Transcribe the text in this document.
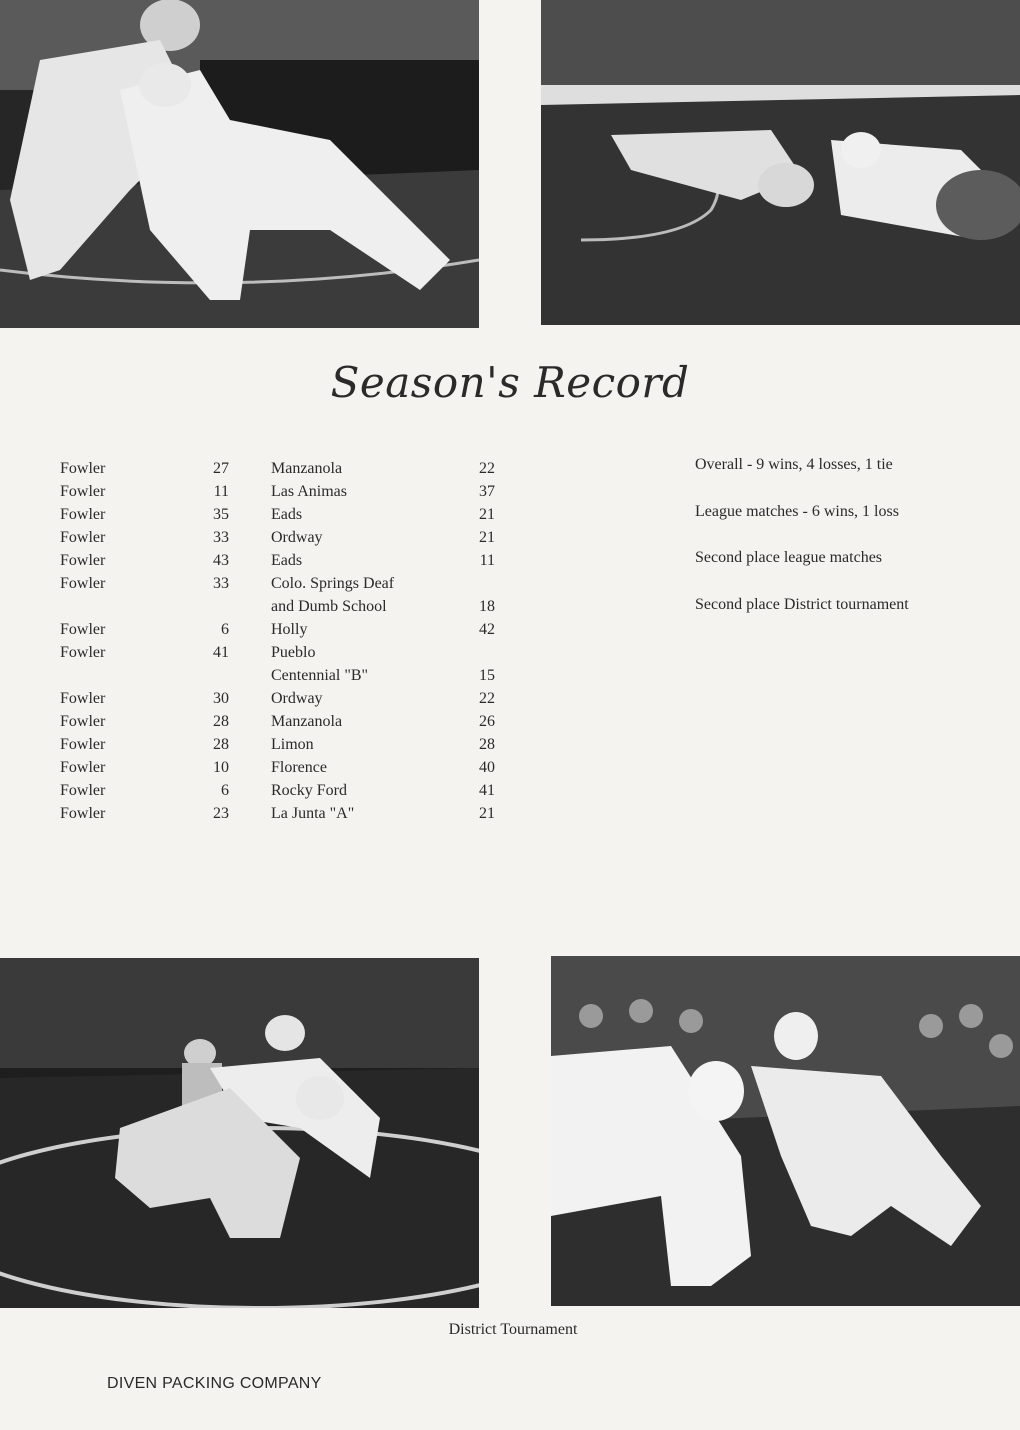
Season's Record
Fowler	27	Manzanola	22
Fowler	11	Las Animas	37
Fowler	35	Eads	21
Fowler	33	Ordway	21
Fowler	43	Eads	11
Fowler	33	Colo. Springs Deaf
and Dumb School	18
Fowler	6	Holly	42
Fowler	41	Pueblo
Centennial "B"	15
Fowler	30	Ordway	22
Fowler	28	Manzanola	26
Fowler	28	Limon	28
Fowler	10	Florence	40
Fowler	6	Rocky Ford	41
Fowler	23	La Junta "A"	21
Overall - 9 wins, 4 losses, 1 tie
League matches - 6 wins, 1 loss
Second place league matches
Second place District tournament
District Tournament
DIVEN PACKING COMPANY
